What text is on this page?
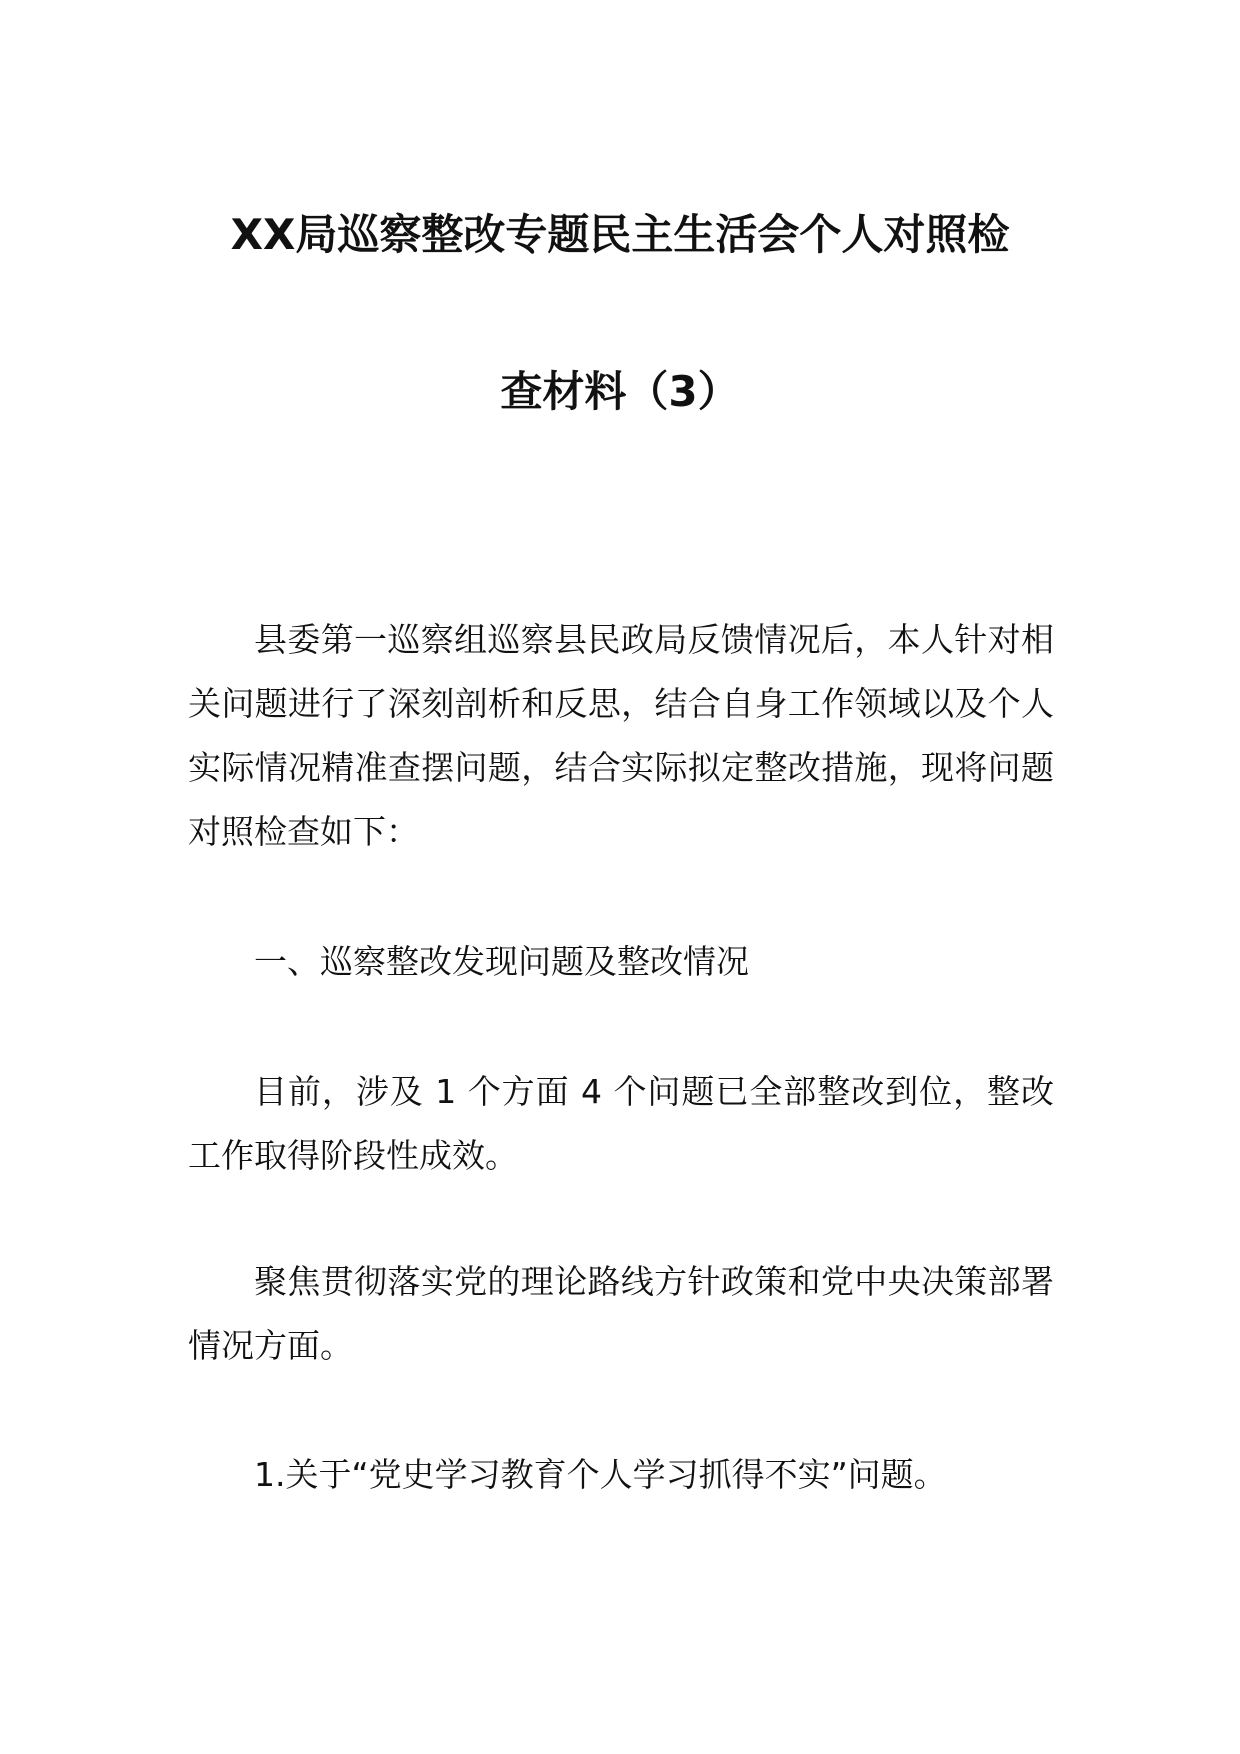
XX局巡察整改专题民主生活会个人对照检
查材料（3）

县委第一巡察组巡察县民政局反馈情况后，本人针对相关问题进行了深刻剖析和反思，结合自身工作领域以及个人实际情况精准查摆问题，结合实际拟定整改措施，现将问题对照检查如下：

一、巡察整改发现问题及整改情况

目前，涉及 1 个方面 4 个问题已全部整改到位，整改工作取得阶段性成效。

聚焦贯彻落实党的理论路线方针政策和党中央决策部署情况方面。

1.关于“党史学习教育个人学习抓得不实”问题。
